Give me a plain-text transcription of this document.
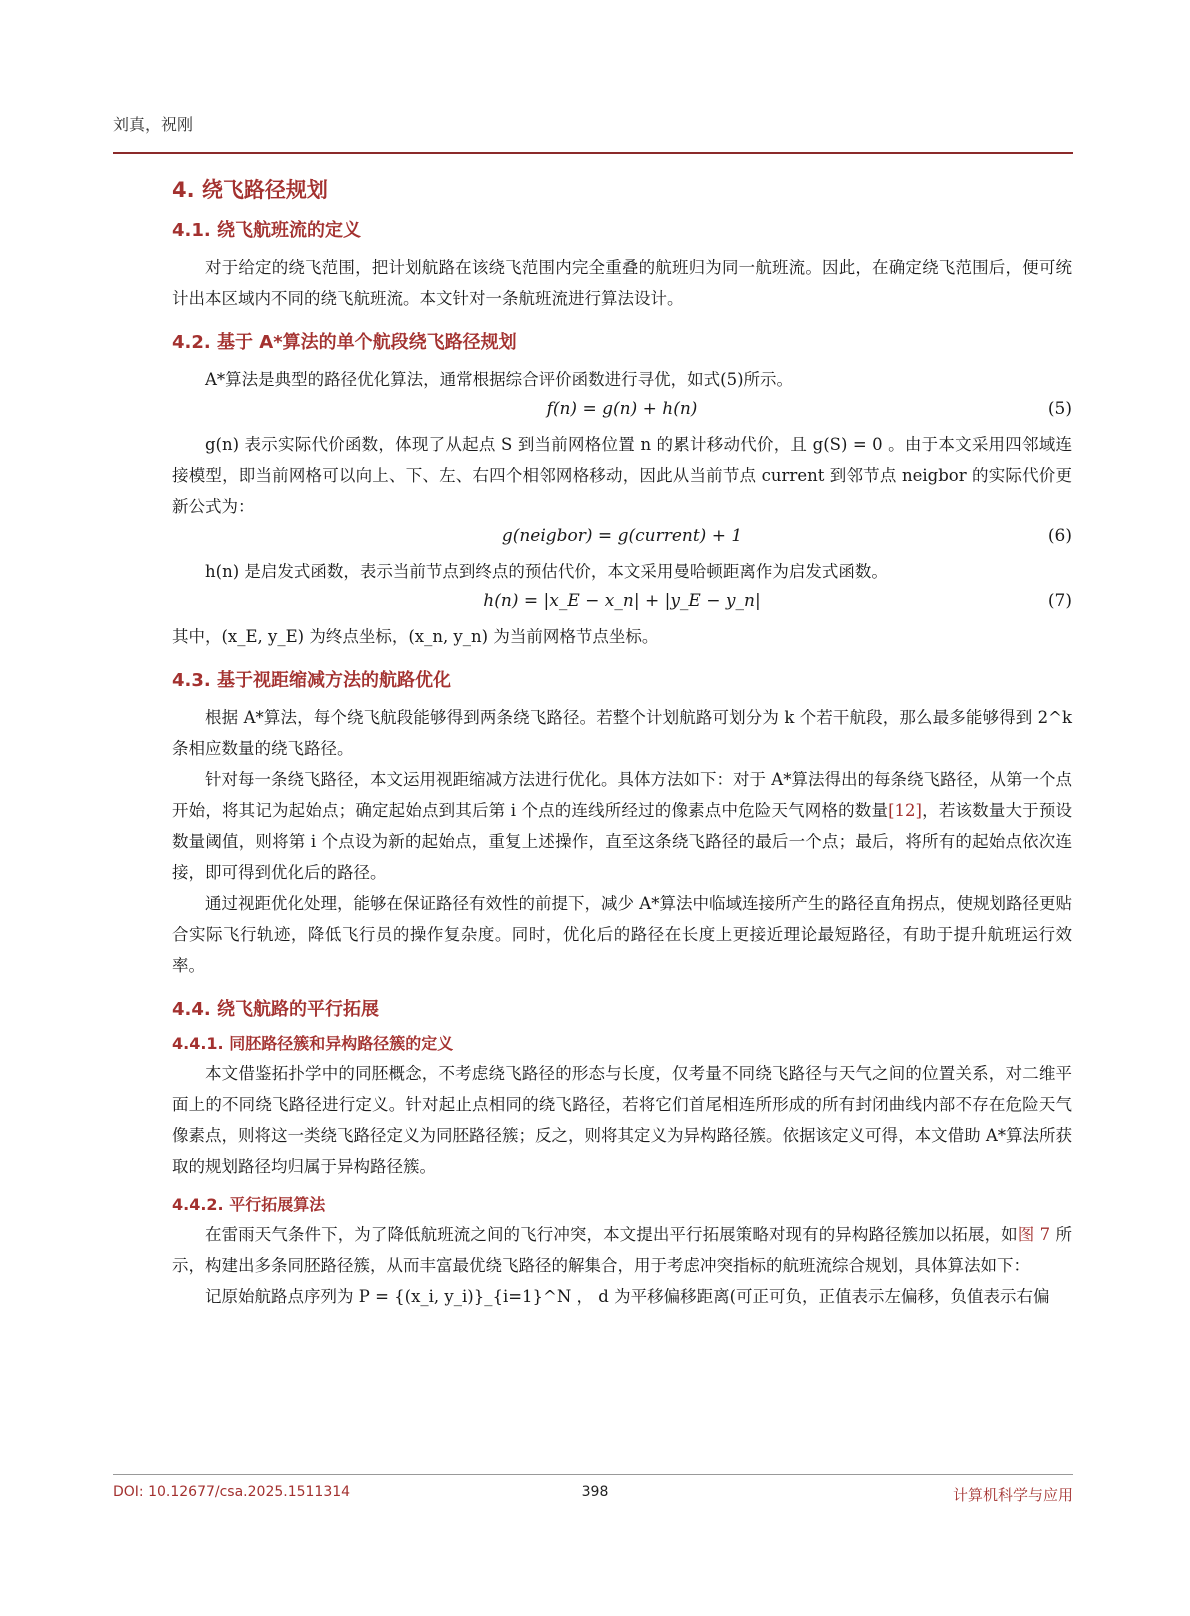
刘真，祝刚
4. 绕飞路径规划
4.1. 绕飞航班流的定义

对于给定的绕飞范围，把计划航路在该绕飞范围内完全重叠的航班归为同一航班流。因此，在确定绕飞范围后，便可统计出本区域内不同的绕飞航班流。本文针对一条航班流进行算法设计。

4.2. 基于 A*算法的单个航段绕飞路径规划

A*算法是典型的路径优化算法，通常根据综合评价函数进行寻优，如式(5)所示。

f(n) = g(n) + h(n)	(5)

g(n) 表示实际代价函数，体现了从起点 S 到当前网格位置 n 的累计移动代价，且 g(S) = 0 。由于本文采用四邻域连接模型，即当前网格可以向上、下、左、右四个相邻网格移动，因此从当前节点 current 到邻节点 neigbor 的实际代价更新公式为：

g(neigbor) = g(current) + 1	(6)

h(n) 是启发式函数，表示当前节点到终点的预估代价，本文采用曼哈顿距离作为启发式函数。

h(n) = |x_E − x_n| + |y_E − y_n|	(7)

其中，(x_E, y_E) 为终点坐标，(x_n, y_n) 为当前网格节点坐标。

4.3. 基于视距缩减方法的航路优化

根据 A*算法，每个绕飞航段能够得到两条绕飞路径。若整个计划航路可划分为 k 个若干航段，那么最多能够得到 2^k 条相应数量的绕飞路径。

针对每一条绕飞路径，本文运用视距缩减方法进行优化。具体方法如下：对于 A*算法得出的每条绕飞路径，从第一个点开始，将其记为起始点；确定起始点到其后第 i 个点的连线所经过的像素点中危险天气网格的数量[12]，若该数量大于预设数量阈值，则将第 i 个点设为新的起始点，重复上述操作，直至这条绕飞路径的最后一个点；最后，将所有的起始点依次连接，即可得到优化后的路径。

通过视距优化处理，能够在保证路径有效性的前提下，减少 A*算法中临域连接所产生的路径直角拐点，使规划路径更贴合实际飞行轨迹，降低飞行员的操作复杂度。同时，优化后的路径在长度上更接近理论最短路径，有助于提升航班运行效率。

4.4. 绕飞航路的平行拓展
4.4.1. 同胚路径簇和异构路径簇的定义

本文借鉴拓扑学中的同胚概念，不考虑绕飞路径的形态与长度，仅考量不同绕飞路径与天气之间的位置关系，对二维平面上的不同绕飞路径进行定义。针对起止点相同的绕飞路径，若将它们首尾相连所形成的所有封闭曲线内部不存在危险天气像素点，则将这一类绕飞路径定义为同胚路径簇；反之，则将其定义为异构路径簇。依据该定义可得，本文借助 A*算法所获取的规划路径均归属于异构路径簇。

4.4.2. 平行拓展算法

在雷雨天气条件下，为了降低航班流之间的飞行冲突，本文提出平行拓展策略对现有的异构路径簇加以拓展，如图 7 所示，构建出多条同胚路径簇，从而丰富最优绕飞路径的解集合，用于考虑冲突指标的航班流综合规划，具体算法如下：

记原始航路点序列为 P = {(x_i, y_i)}_{i=1}^N ， d 为平移偏移距离(可正可负，正值表示左偏移，负值表示右偏

DOI: 10.12677/csa.2025.1511314	398	计算机科学与应用
